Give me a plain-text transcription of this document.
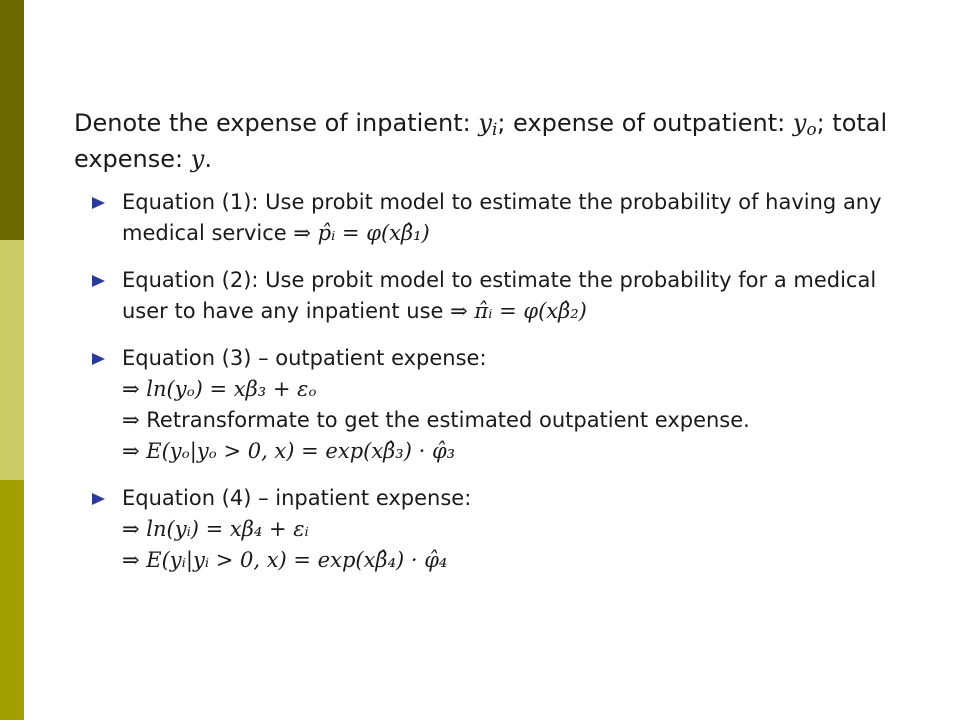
Denote the expense of inpatient: $y_i$; expense of outpatient: $y_o$; total
expense: y.

Equation (1): Use probit model to estimate the probability of having any
medical service ⇒ p̂ᵢ = φ(xβ̂₁)
Equation (2): Use probit model to estimate the probability for a medical
user to have any inpatient use ⇒ π̂ᵢ = φ(xβ̂₂)
Equation (3) – outpatient expense:
⇒ ln(yₒ) = xβ₃ + εₒ
⇒ Retransformate to get the estimated outpatient expense.
⇒ E(yₒ|yₒ > 0, x) = exp(xβ̂₃) · φ̂₃
Equation (4) – inpatient expense:
⇒ ln(yᵢ) = xβ₄ + εᵢ
⇒ E(yᵢ|yᵢ > 0, x) = exp(xβ̂₄) · φ̂₄
